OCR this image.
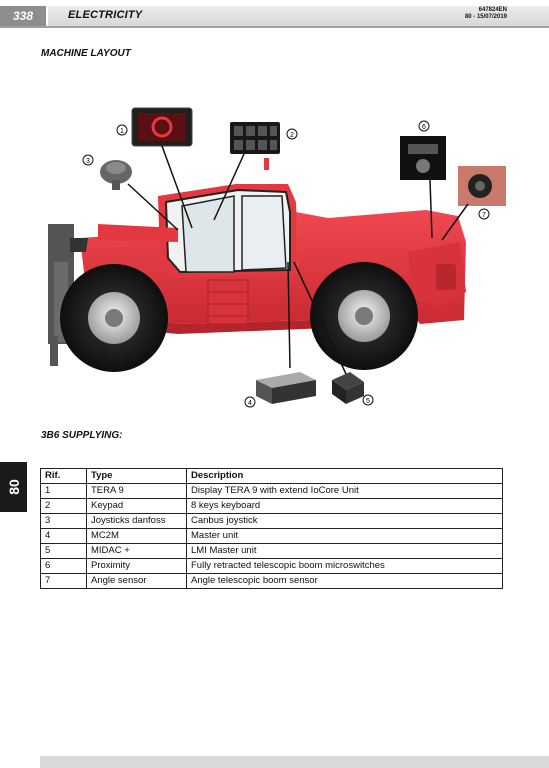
338	ELECTRICITY	647824EN
80 - 15/07/2019
MACHINE LAYOUT
1
2
3
4	5
6
7
3B6 SUPPLYING:
80
Rif.	Type	Description
1	TERA 9	Display TERA 9 with extend IoCore Unit
2	Keypad	8 keys keyboard
3	Joysticks danfoss	Canbus joystick
4	MC2M	Master unit
5	MIDAC +	LMI Master unit
6	Proximity	Fully retracted telescopic boom microswitches
7	Angle sensor	Angle telescopic boom sensor
